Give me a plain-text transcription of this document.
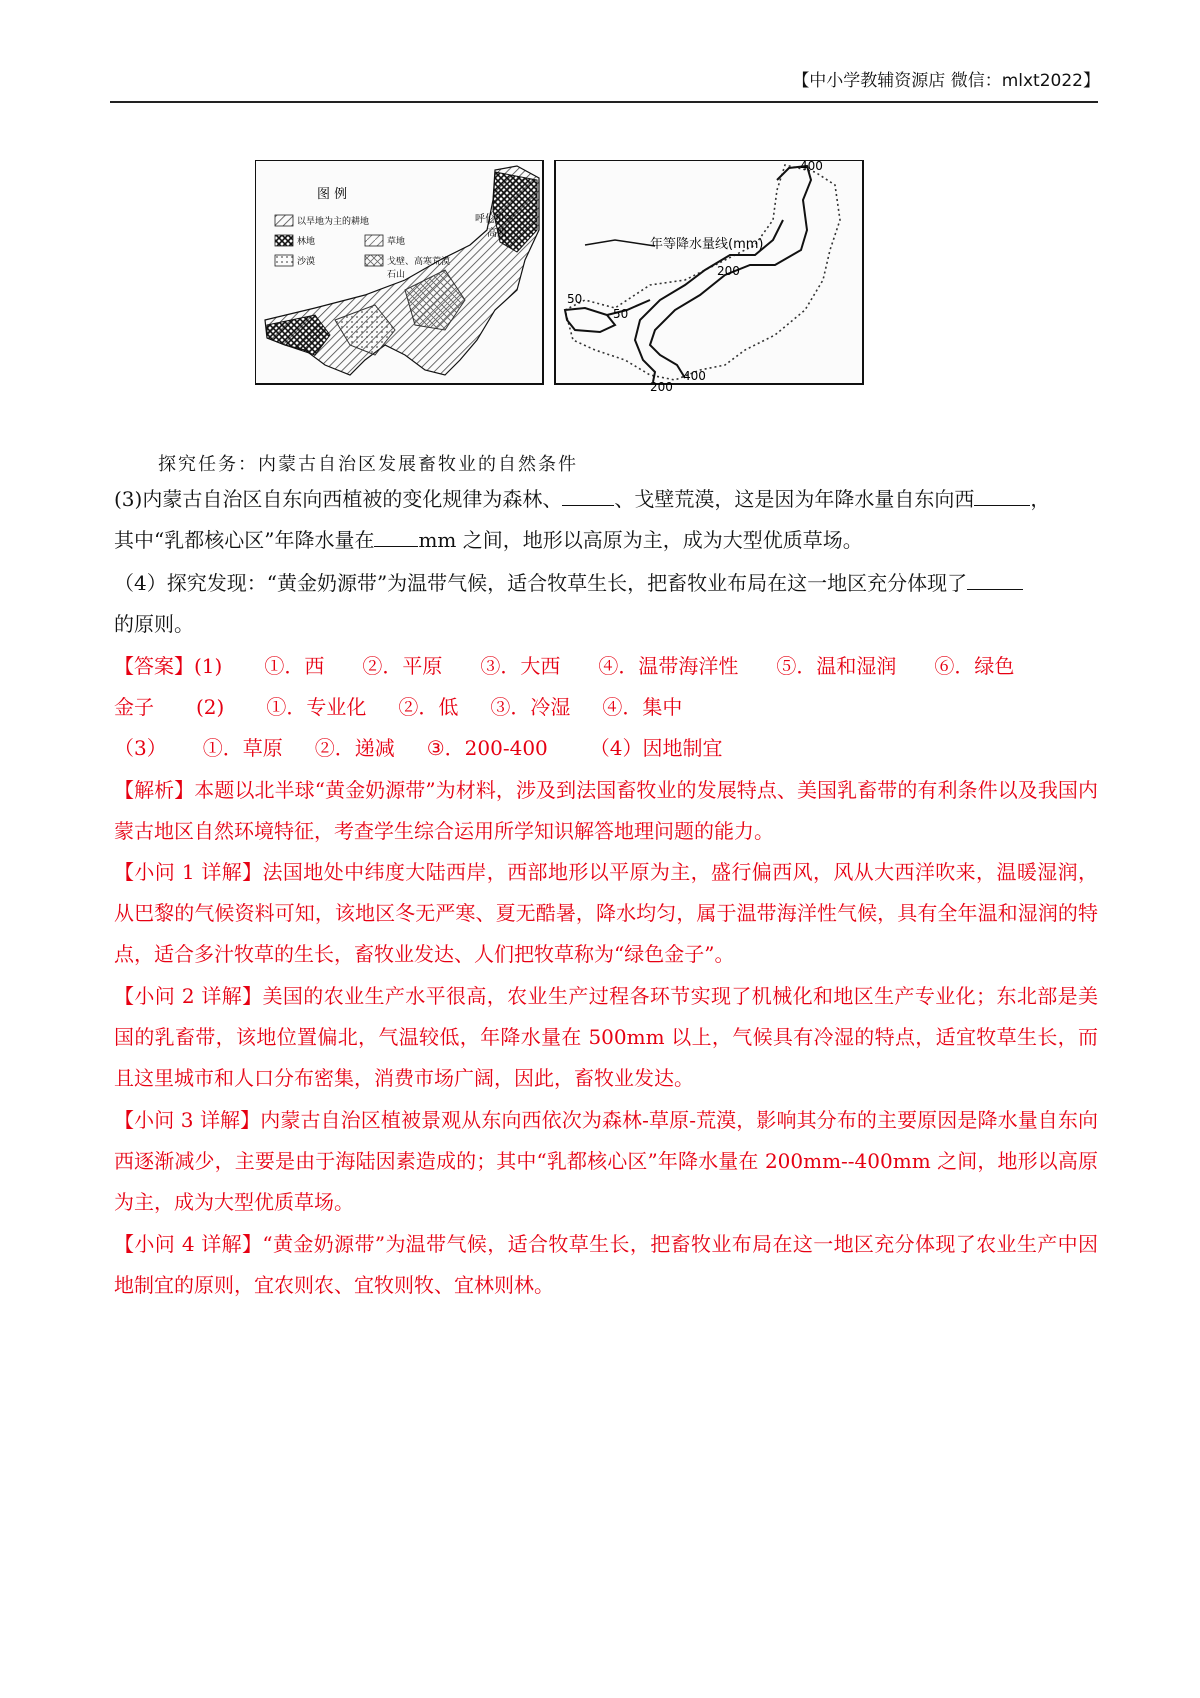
【中小学教辅资源店 微信：mlxt2022】
图 例
以旱地为主的耕地
林地	草地
沙漠	戈壁、高寒荒漠
石山
呼伦贝尔
高原
年等降水量线(mm)
400
200
50
50
200
400
探究任务：内蒙古自治区发展畜牧业的自然条件
(3)内蒙古自治区自东向西植被的变化规律为森林、	、戈壁荒漠，这是因为年降水量自东向西	，
其中“乳都核心区”年降水量在 mm 之间，地形以高原为主，成为大型优质草场。
（4）探究发现：“黄金奶源带”为温带气候，适合牧草生长，把畜牧业布局在这一地区充分体现了
的原则。
【答案】(1) ①．西 ②．平原 ③．大西 ④．温带海洋性 ⑤．温和湿润 ⑥．绿色
金子 (2) ①．专业化 ②．低 ③．冷湿 ④．集中
（3） ①．草原 ②．递减 ③．200-400 （4）因地制宜
【解析】本题以北半球“黄金奶源带”为材料，涉及到法国畜牧业的发展特点、美国乳畜带的有利条件以及我国内蒙古地区自然环境特征，考查学生综合运用所学知识解答地理问题的能力。
【小问 1 详解】法国地处中纬度大陆西岸，西部地形以平原为主，盛行偏西风，风从大西洋吹来，温暖湿润，从巴黎的气候资料可知，该地区冬无严寒、夏无酷暑，降水均匀，属于温带海洋性气候，具有全年温和湿润的特点，适合多汁牧草的生长，畜牧业发达、人们把牧草称为“绿色金子”。
【小问 2 详解】美国的农业生产水平很高，农业生产过程各环节实现了机械化和地区生产专业化；东北部是美国的乳畜带，该地位置偏北，气温较低，年降水量在 500mm 以上，气候具有冷湿的特点，适宜牧草生长，而且这里城市和人口分布密集，消费市场广阔，因此，畜牧业发达。
【小问 3 详解】内蒙古自治区植被景观从东向西依次为森林-草原-荒漠，影响其分布的主要原因是降水量自东向西逐渐减少，主要是由于海陆因素造成的；其中“乳都核心区”年降水量在 200mm--400mm 之间，地形以高原为主，成为大型优质草场。
【小问 4 详解】“黄金奶源带”为温带气候，适合牧草生长，把畜牧业布局在这一地区充分体现了农业生产中因地制宜的原则，宜农则农、宜牧则牧、宜林则林。
